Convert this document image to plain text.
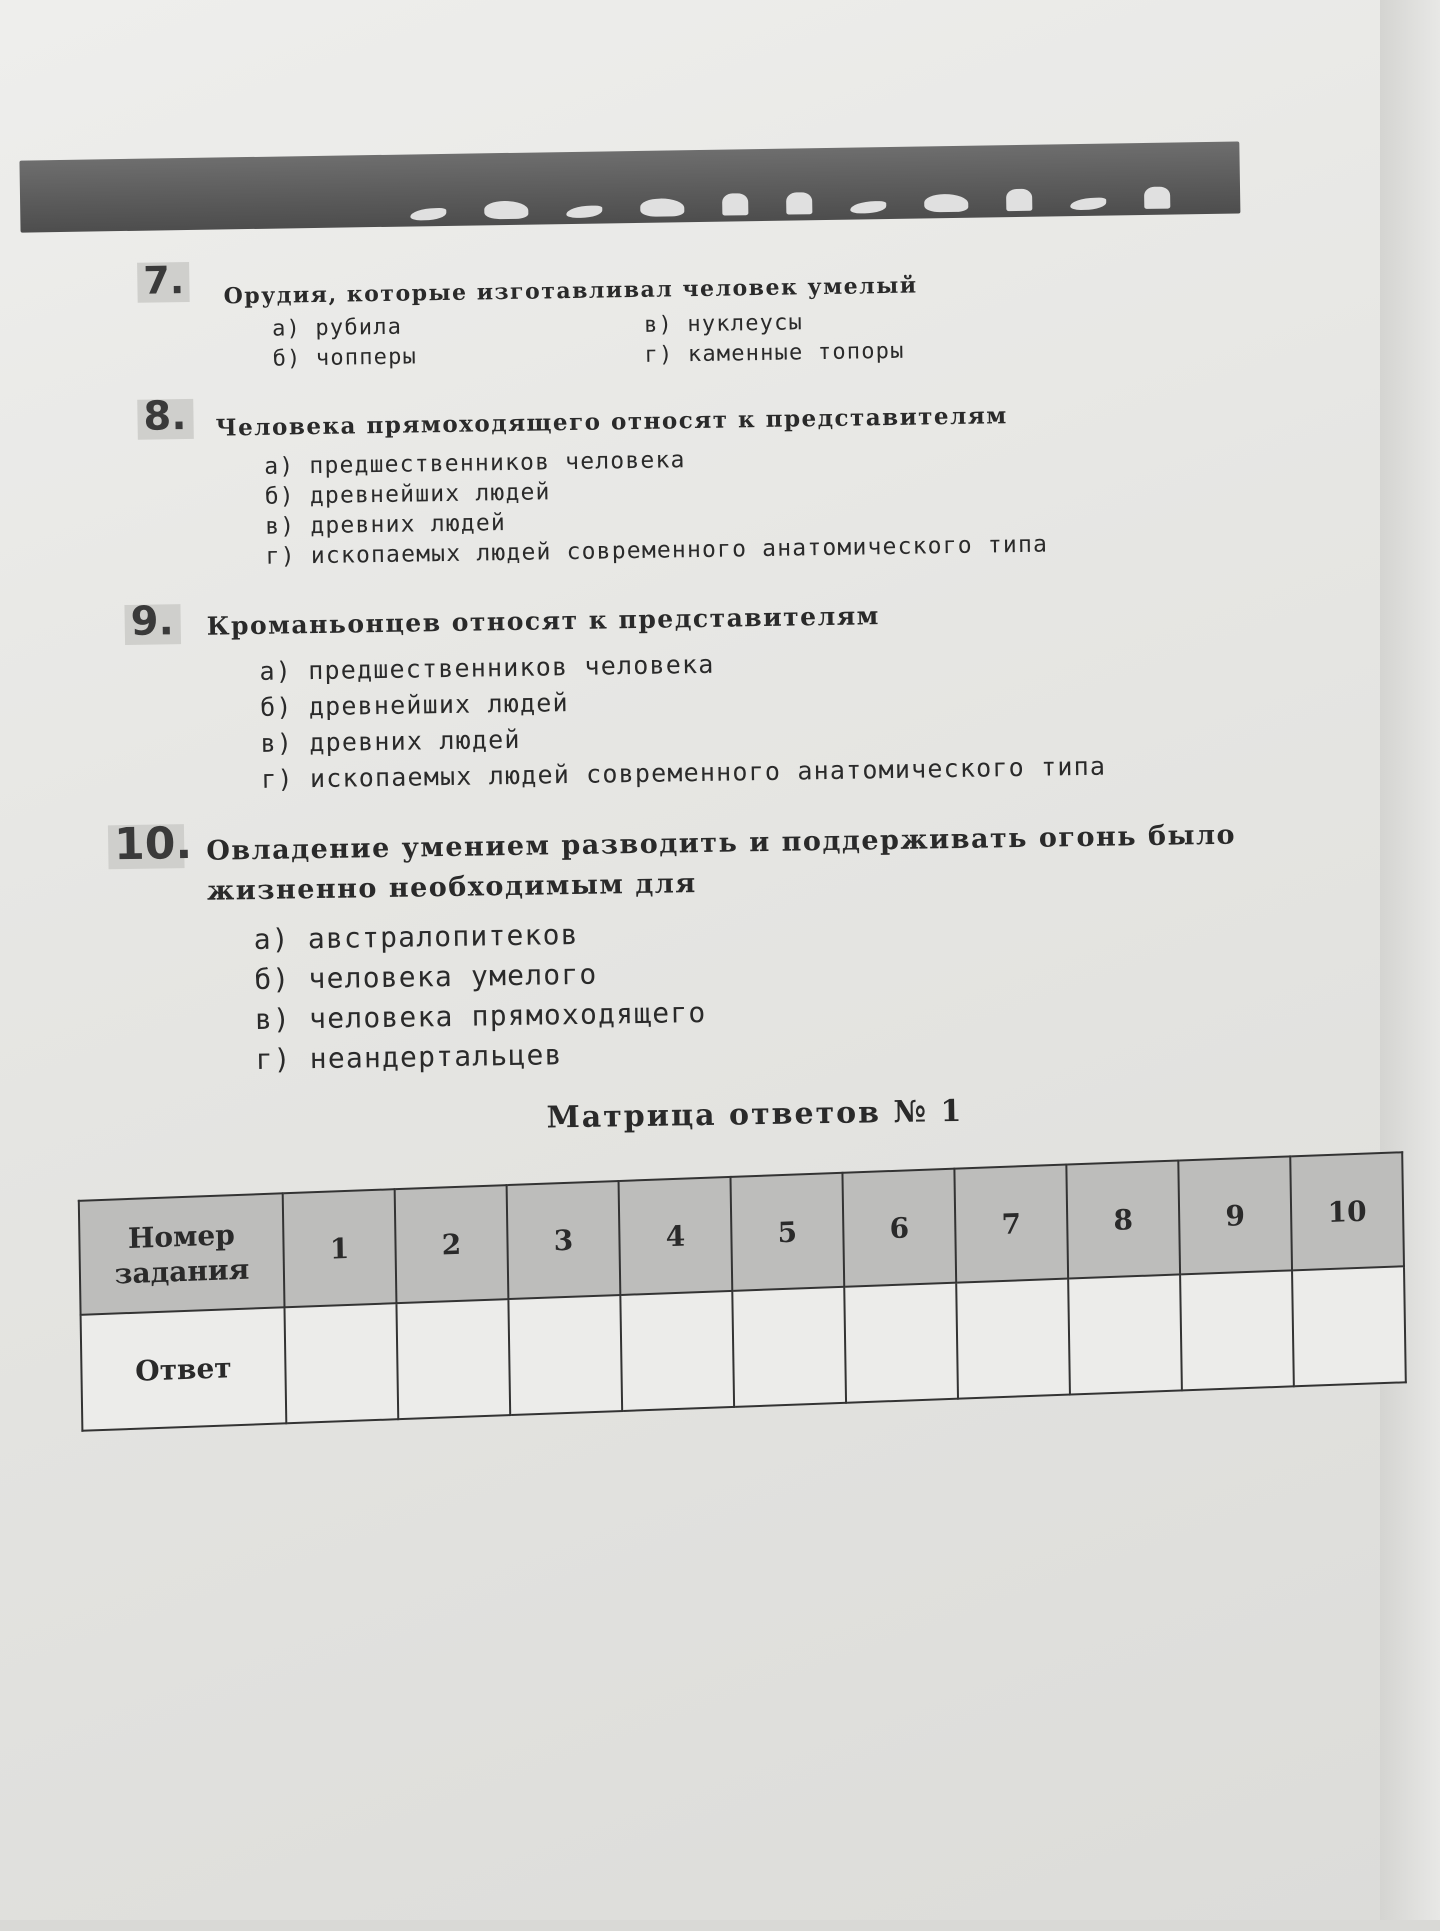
7. Орудия, которые изготавливал человек умелый
а) рубила
б) чопперы
в) нуклеусы
г) каменные топоры
8. Человека прямоходящего относят к представителям
а) предшественников человека
б) древнейших людей
в) древних людей
г) ископаемых людей современного анатомического типа
9. Кроманьонцев относят к представителям
а) предшественников человека
б) древнейших людей
в) древних людей
г) ископаемых людей современного анатомического типа
10. Овладение умением разводить и поддерживать огонь было
жизненно необходимым для
а) австралопитеков
б) человека умелого
в) человека прямоходящего
г) неандертальцев
Матрица ответов № 1
Номер
задания	1	2	3	4	5	6	7	8	9	10
Ответ										
